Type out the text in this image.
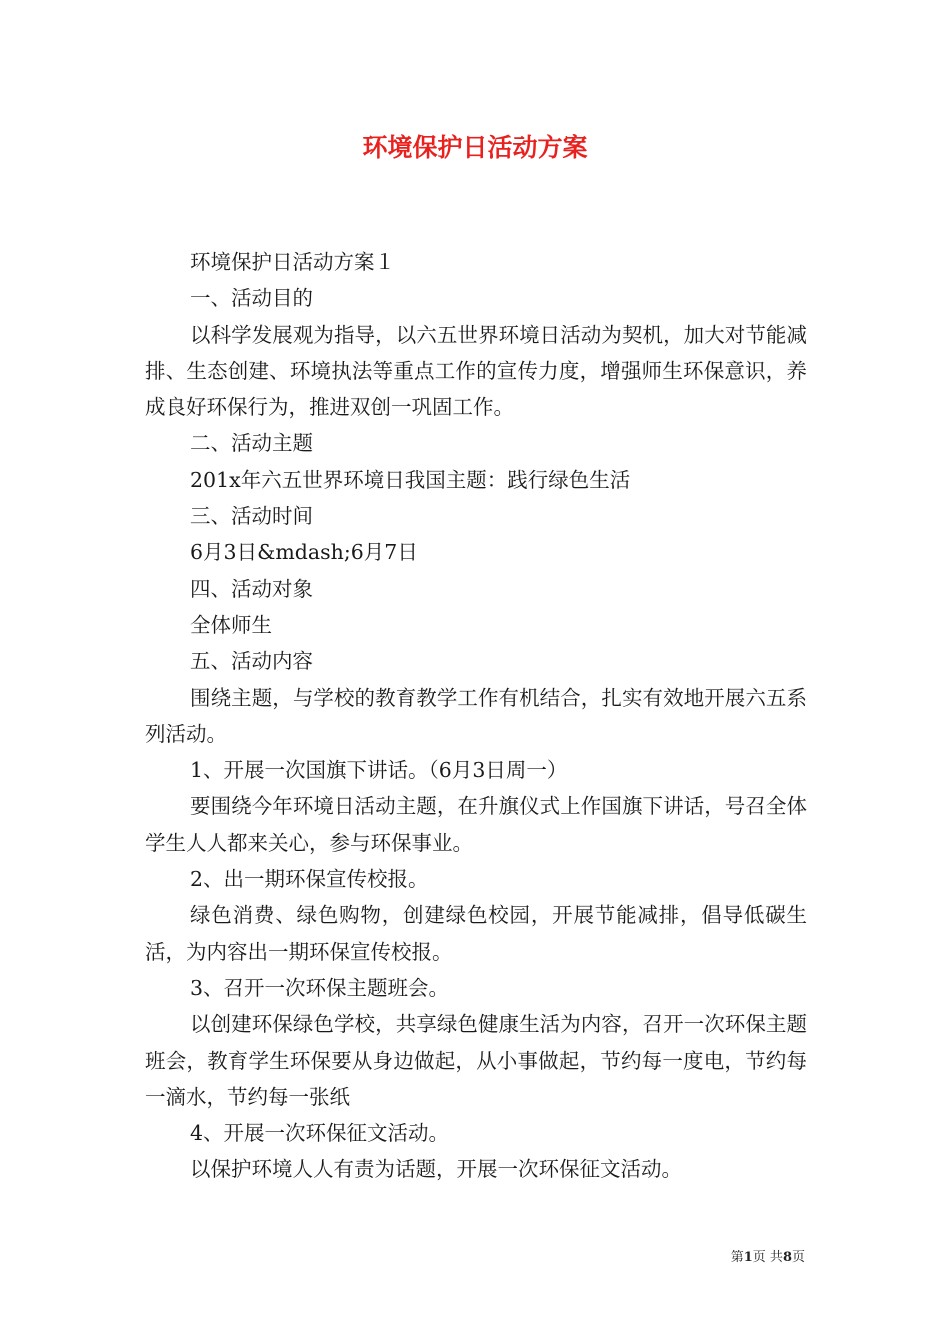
环境保护日活动方案

环境保护日活动方案１

一、活动目的

以科学发展观为指导，以六五世界环境日活动为契机，加大对节能减排、生态创建、环境执法等重点工作的宣传力度，增强师生环保意识，养成良好环保行为，推进双创一巩固工作。

二、活动主题

201x年六五世界环境日我国主题：践行绿色生活

三、活动时间

6月3日&mdash;6月7日

四、活动对象

全体师生

五、活动内容

围绕主题，与学校的教育教学工作有机结合，扎实有效地开展六五系列活动。

1、开展一次国旗下讲话。（6月3日周一）

要围绕今年环境日活动主题，在升旗仪式上作国旗下讲话，号召全体学生人人都来关心，参与环保事业。

2、出一期环保宣传校报。

绿色消费、绿色购物，创建绿色校园，开展节能减排，倡导低碳生活，为内容出一期环保宣传校报。

3、召开一次环保主题班会。

以创建环保绿色学校，共享绿色健康生活为内容，召开一次环保主题班会，教育学生环保要从身边做起，从小事做起，节约每一度电，节约每一滴水，节约每一张纸

4、开展一次环保征文活动。

以保护环境人人有责为话题，开展一次环保征文活动。

第1页 共8页
